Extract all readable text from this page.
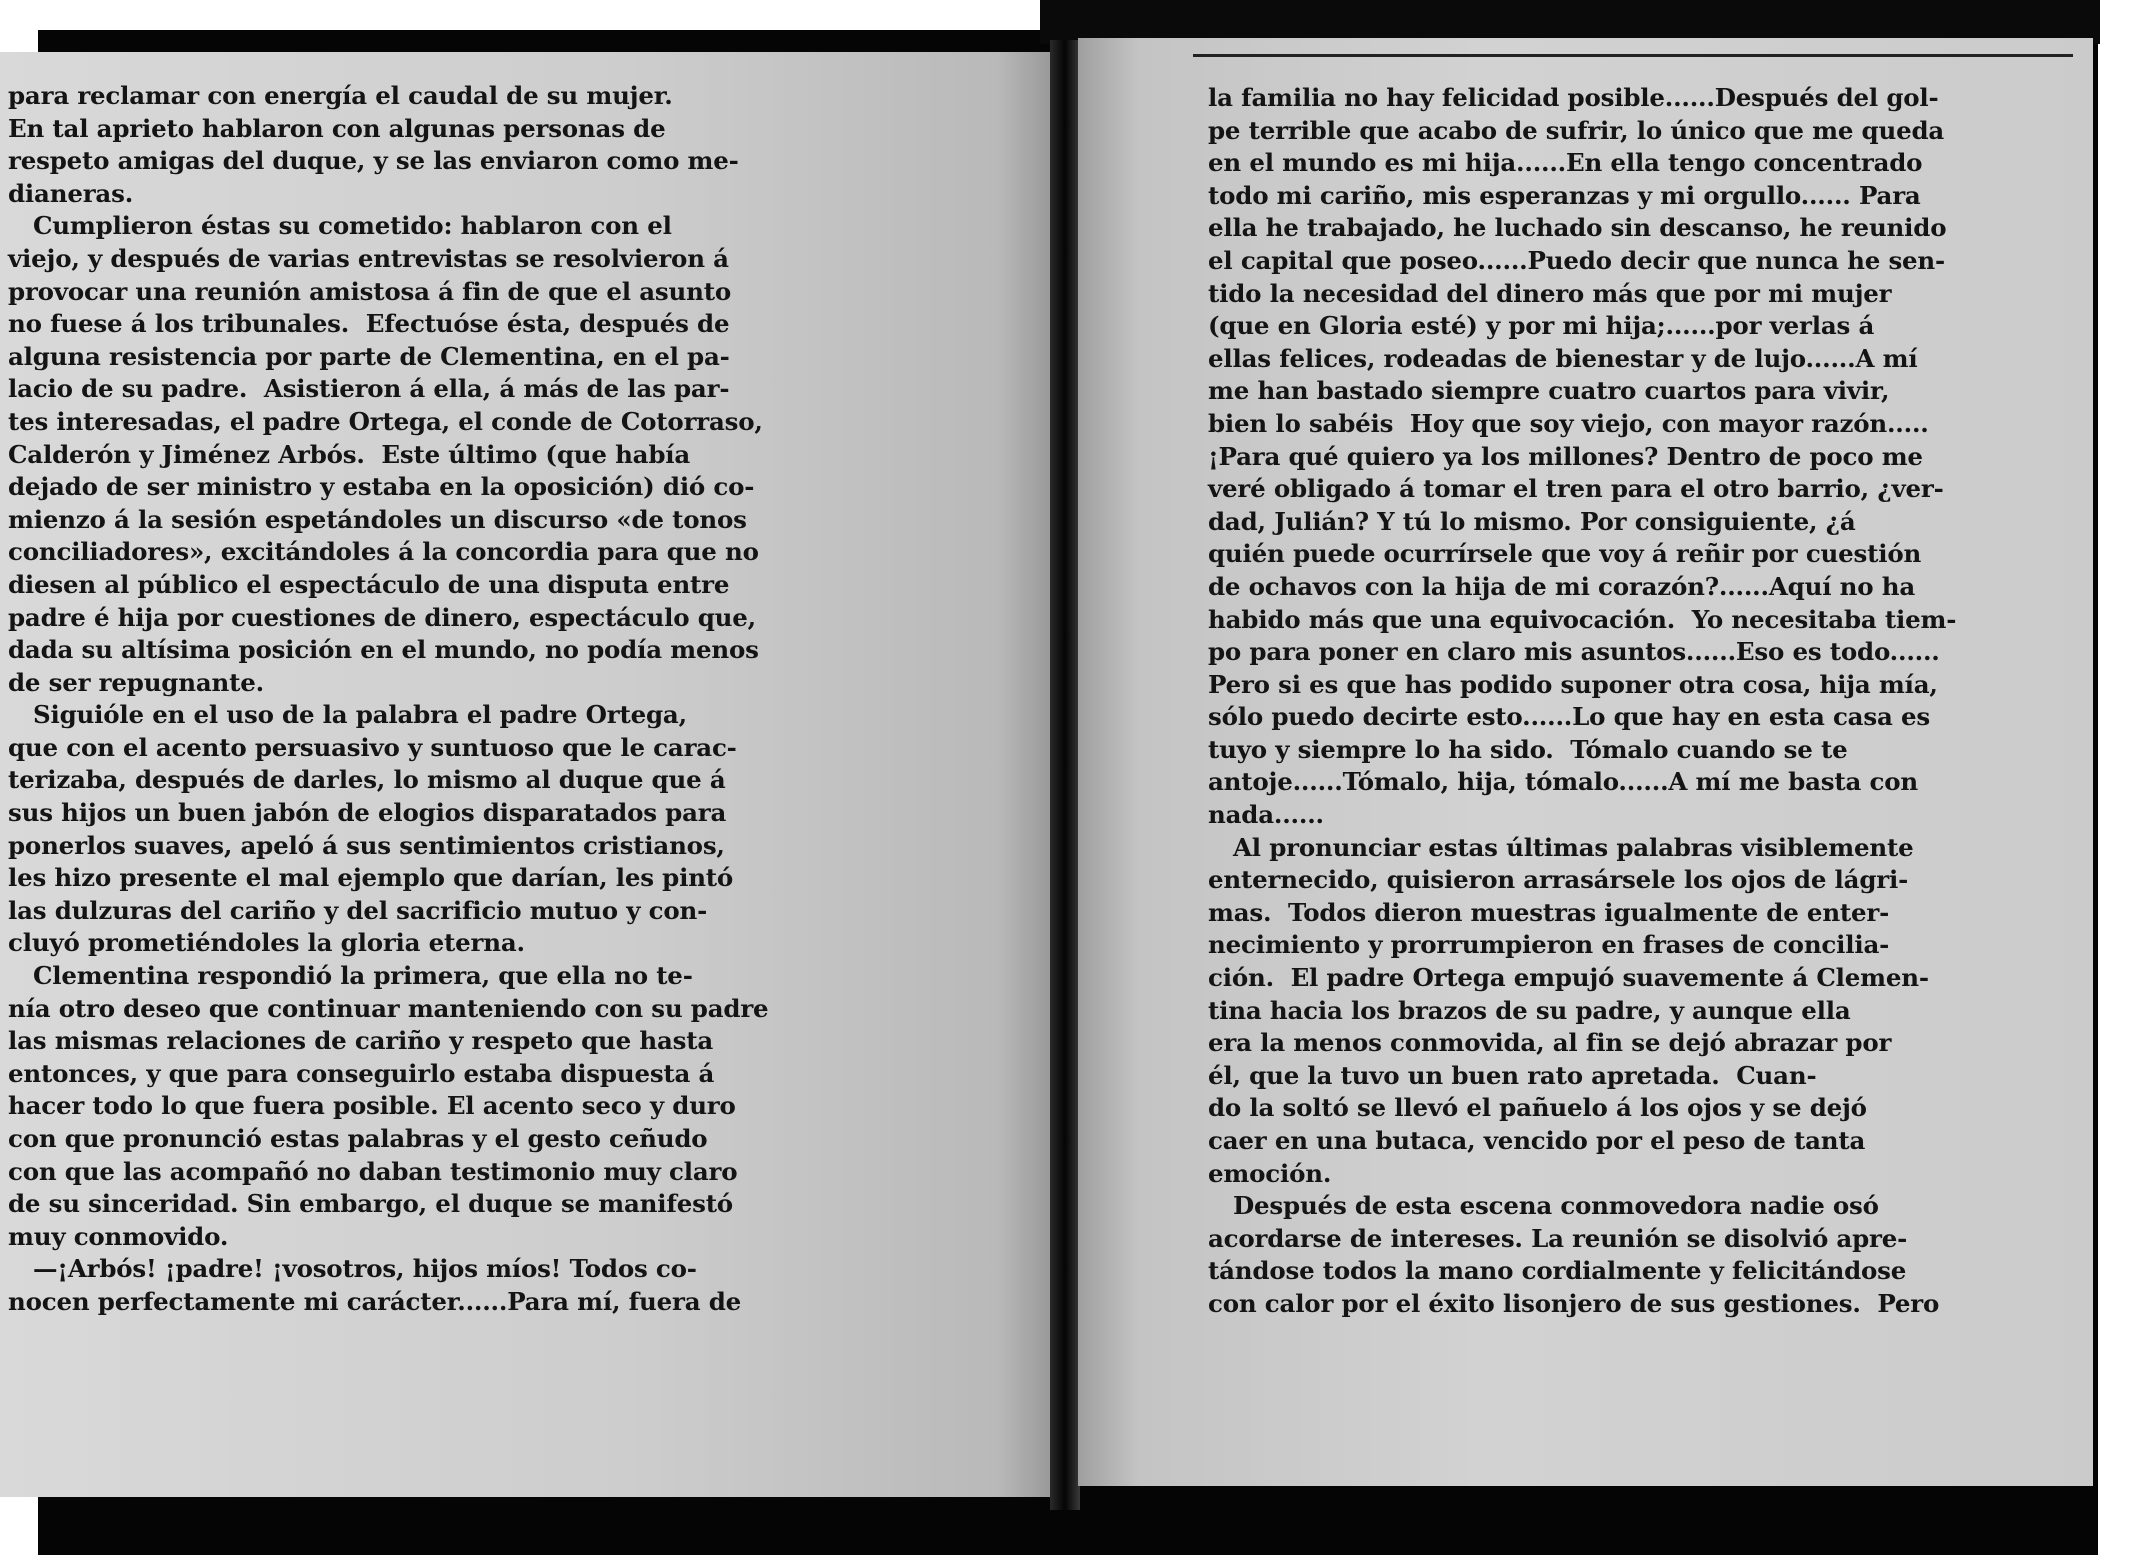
para reclamar con energía el caudal de su mujer.
En tal aprieto hablaron con algunas personas de
respeto amigas del duque, y se las enviaron como me-
dianeras.
Cumplieron éstas su cometido: hablaron con el
viejo, y después de varias entrevistas se resolvieron á
provocar una reunión amistosa á fin de que el asunto
no fuese á los tribunales.  Efectuóse ésta, después de
alguna resistencia por parte de Clementina, en el pa-
lacio de su padre.  Asistieron á ella, á más de las par-
tes interesadas, el padre Ortega, el conde de Cotorraso,
Calderón y Jiménez Arbós.  Este último (que había
dejado de ser ministro y estaba en la oposición) dió co-
mienzo á la sesión espetándoles un discurso «de tonos
conciliadores», excitándoles á la concordia para que no
diesen al público el espectáculo de una disputa entre
padre é hija por cuestiones de dinero, espectáculo que,
dada su altísima posición en el mundo, no podía menos
de ser repugnante.
Siguióle en el uso de la palabra el padre Ortega,
que con el acento persuasivo y suntuoso que le carac-
terizaba, después de darles, lo mismo al duque que á
sus hijos un buen jabón de elogios disparatados para
ponerlos suaves, apeló á sus sentimientos cristianos,
les hizo presente el mal ejemplo que darían, les pintó
las dulzuras del cariño y del sacrificio mutuo y con-
cluyó prometiéndoles la gloria eterna.
Clementina respondió la primera, que ella no te-
nía otro deseo que continuar manteniendo con su padre
las mismas relaciones de cariño y respeto que hasta
entonces, y que para conseguirlo estaba dispuesta á
hacer todo lo que fuera posible. El acento seco y duro
con que pronunció estas palabras y el gesto ceñudo
con que las acompañó no daban testimonio muy claro
de su sinceridad. Sin embargo, el duque se manifestó
muy conmovido.
—¡Arbós! ¡padre! ¡vosotros, hijos míos! Todos co-
nocen perfectamente mi carácter......Para mí, fuera de
la familia no hay felicidad posible......Después del gol-
pe terrible que acabo de sufrir, lo único que me queda
en el mundo es mi hija......En ella tengo concentrado
todo mi cariño, mis esperanzas y mi orgullo...... Para
ella he trabajado, he luchado sin descanso, he reunido
el capital que poseo......Puedo decir que nunca he sen-
tido la necesidad del dinero más que por mi mujer
(que en Gloria esté) y por mi hija;......por verlas á
ellas felices, rodeadas de bienestar y de lujo......A mí
me han bastado siempre cuatro cuartos para vivir,
bien lo sabéis  Hoy que soy viejo, con mayor razón.....
¡Para qué quiero ya los millones? Dentro de poco me
veré obligado á tomar el tren para el otro barrio, ¿ver-
dad, Julián? Y tú lo mismo. Por consiguiente, ¿á
quién puede ocurrírsele que voy á reñir por cuestión
de ochavos con la hija de mi corazón?......Aquí no ha
habido más que una equivocación.  Yo necesitaba tiem-
po para poner en claro mis asuntos......Eso es todo......
Pero si es que has podido suponer otra cosa, hija mía,
sólo puedo decirte esto......Lo que hay en esta casa es
tuyo y siempre lo ha sido.  Tómalo cuando se te
antoje......Tómalo, hija, tómalo......A mí me basta con
nada......
Al pronunciar estas últimas palabras visiblemente
enternecido, quisieron arrasársele los ojos de lágri-
mas.  Todos dieron muestras igualmente de enter-
necimiento y prorrumpieron en frases de concilia-
ción.  El padre Ortega empujó suavemente á Clemen-
tina hacia los brazos de su padre, y aunque ella
era la menos conmovida, al fin se dejó abrazar por
él, que la tuvo un buen rato apretada.  Cuan-
do la soltó se llevó el pañuelo á los ojos y se dejó
caer en una butaca, vencido por el peso de tanta
emoción.
Después de esta escena conmovedora nadie osó
acordarse de intereses. La reunión se disolvió apre-
tándose todos la mano cordialmente y felicitándose
con calor por el éxito lisonjero de sus gestiones.  Pero
